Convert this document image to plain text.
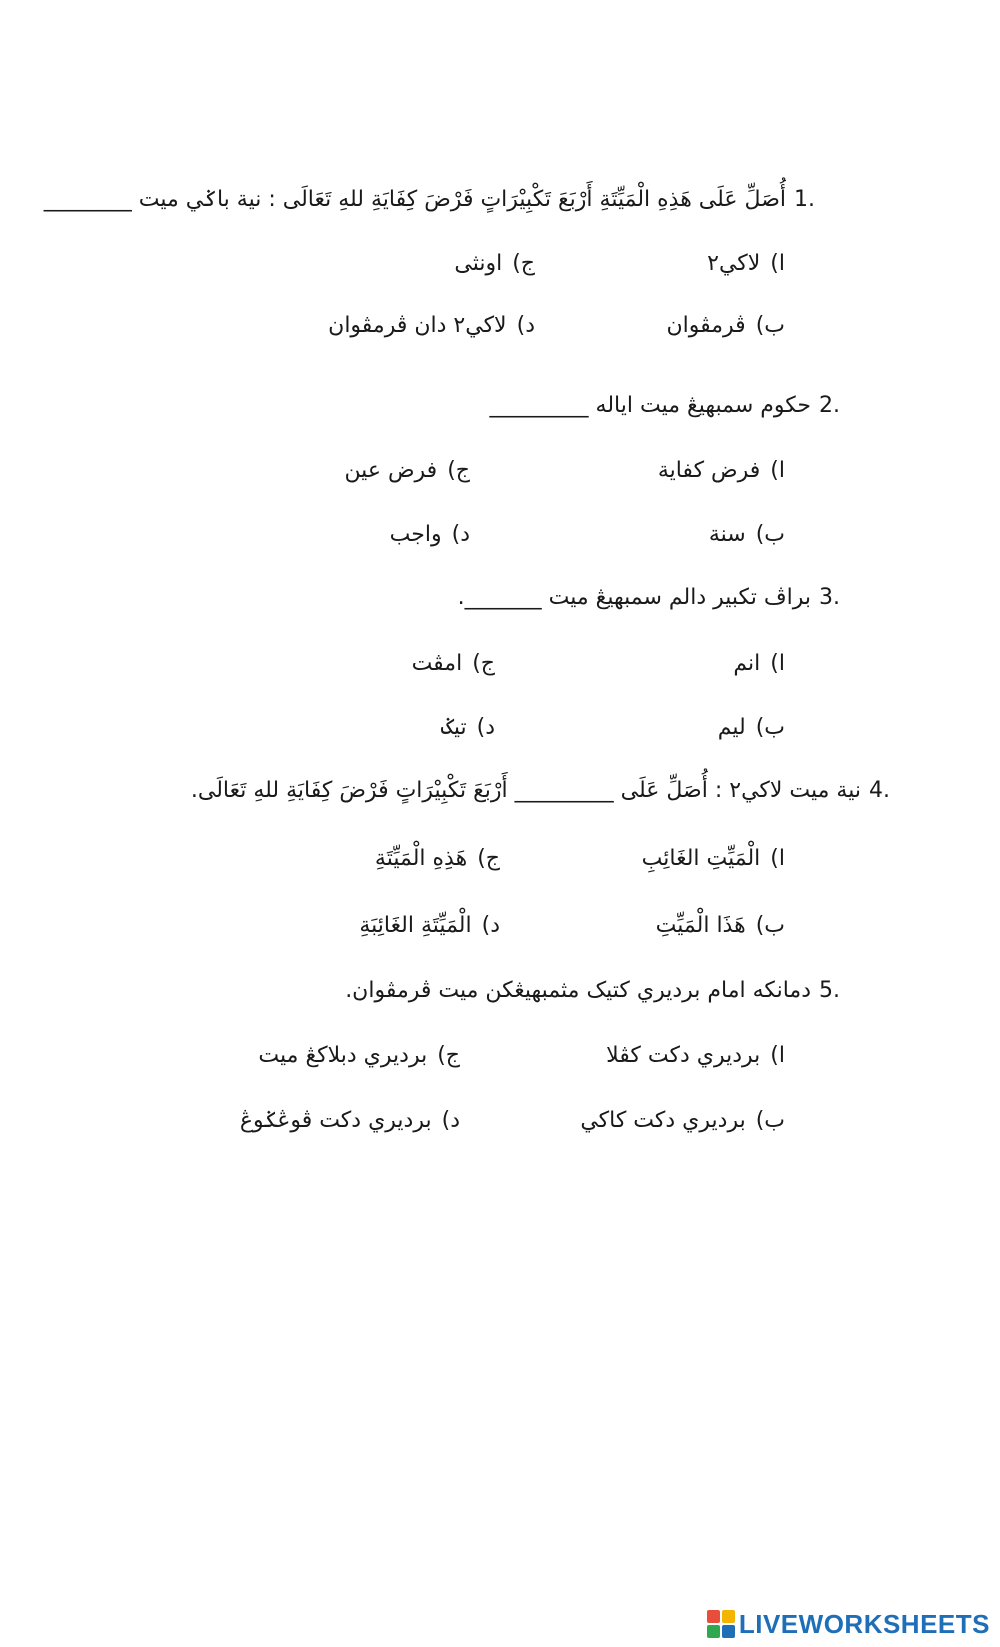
1.أُصَلِّ عَلَى هَذِهِ الْمَيِّتَةِ أَرْبَعَ تَكْبِيْرَاتٍ فَرْضَ كِفَايَةِ للهِ تَعَالَى : نية باݢي ميت ________
ا)لاكي٢
ج)اونثى
ب)ڤرمڤوان
د)لاكي٢ دان ڤرمڤوان
2.حكوم سمبهيڠ ميت اياله _________
ا)فرض كفاية
ج)فرض عين
ب)سنة
د)واجب
3.براڤ تكبير دالم سمبهيڠ ميت _______.
ا)انم
ج)امڤت
ب)ليم
د)تيݢ
4.نية ميت لاكي٢ : أُصَلِّ عَلَى _________ أَرْبَعَ تَكْبِيْرَاتٍ فَرْضَ كِفَايَةِ للهِ تَعَالَى.
ا)الْمَيِّتِ الغَائِبِ
ج)هَذِهِ الْمَيِّتَةِ
ب)هَذَا الْمَيِّتِ
د)الْمَيِّتَةِ الغَائِبَةِ
5.دمانكه امام برديري كتيک مثمبهيڠكن ميت ڤرمڤوان.
ا)برديري دكت كڤلا
ج)برديري دبلاكڠ ميت
ب)برديري دكت كاكي
د)برديري دكت ڤوڠݢوڠ
LIVEWORKSHEETS
